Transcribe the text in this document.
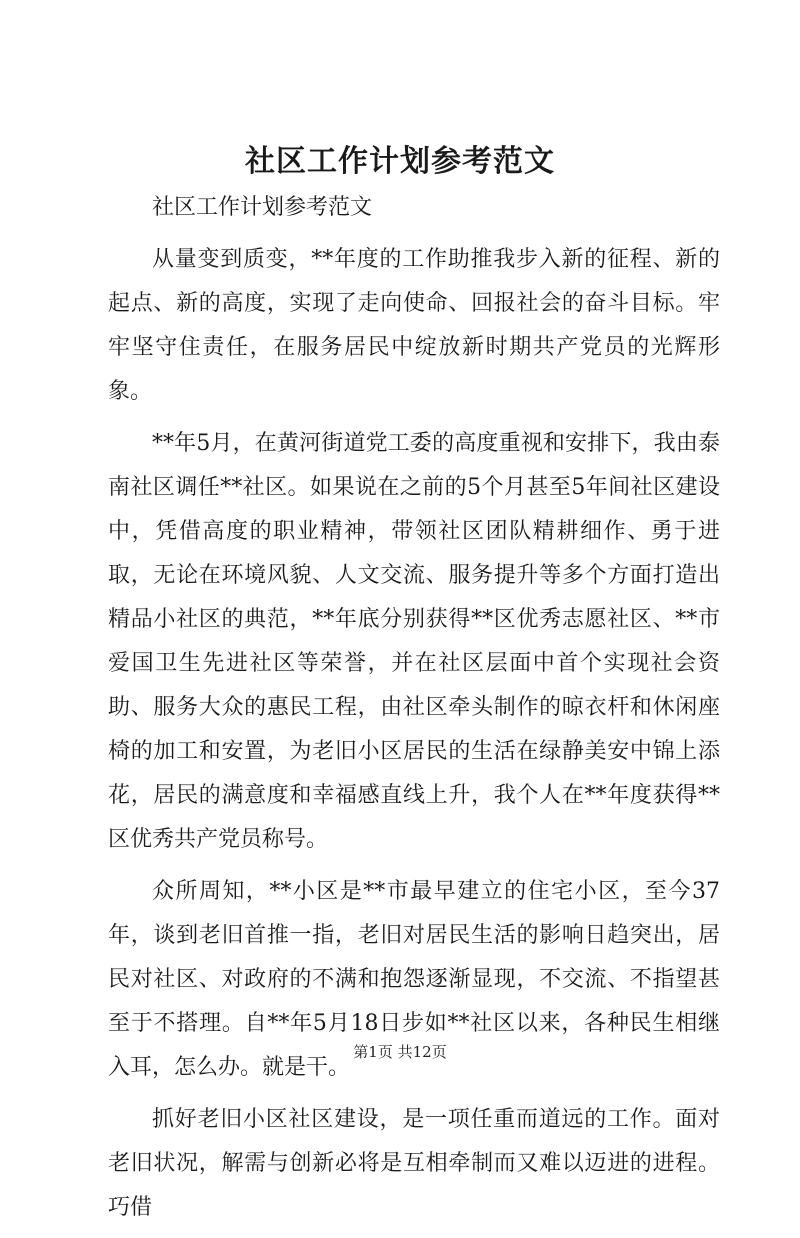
社区工作计划参考范文

社区工作计划参考范文

从量变到质变，**年度的工作助推我步入新的征程、新的起点、新的高度，实现了走向使命、回报社会的奋斗目标。牢牢坚守住责任，在服务居民中绽放新时期共产党员的光辉形象。

**年5月，在黄河街道党工委的高度重视和安排下，我由泰南社区调任**社区。如果说在之前的5个月甚至5年间社区建设中，凭借高度的职业精神，带领社区团队精耕细作、勇于进取，无论在环境风貌、人文交流、服务提升等多个方面打造出精品小社区的典范，**年底分别获得**区优秀志愿社区、**市爱国卫生先进社区等荣誉，并在社区层面中首个实现社会资助、服务大众的惠民工程，由社区牵头制作的晾衣杆和休闲座椅的加工和安置，为老旧小区居民的生活在绿静美安中锦上添花，居民的满意度和幸福感直线上升，我个人在**年度获得**区优秀共产党员称号。

众所周知，**小区是**市最早建立的住宅小区，至今37年，谈到老旧首推一指，老旧对居民生活的影响日趋突出，居民对社区、对政府的不满和抱怨逐渐显现，不交流、不指望甚至于不搭理。自**年5月18日步如**社区以来，各种民生相继入耳，怎么办。就是干。

抓好老旧小区社区建设，是一项任重而道远的工作。面对老旧状况，解需与创新必将是互相牵制而又难以迈进的进程。巧借

第1页 共12页
